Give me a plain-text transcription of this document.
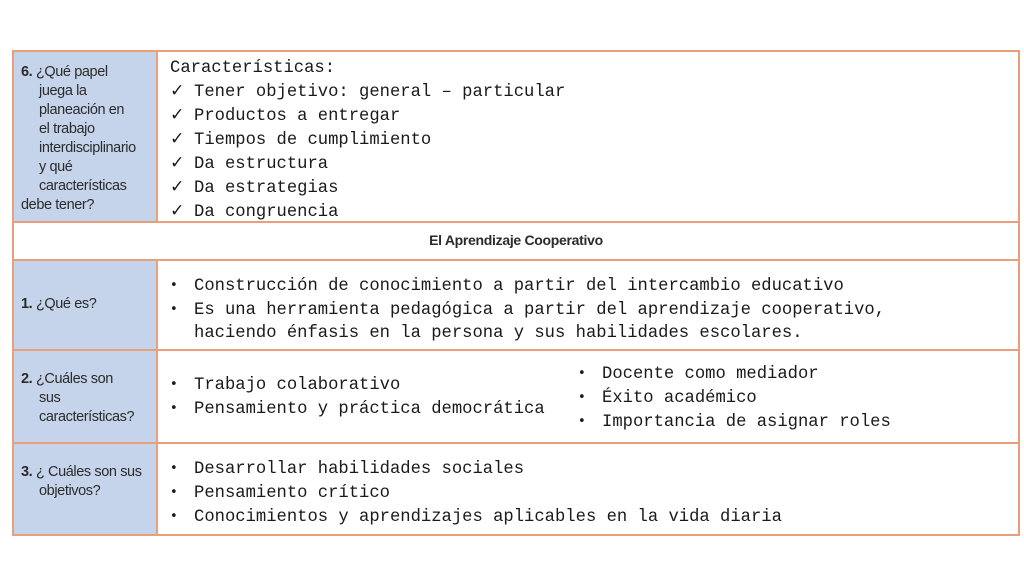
6. ¿Qué papel
juega la
planeación en
el trabajo
interdisciplinario
y qué
características
debe tener?
Características:
✓ Tener objetivo: general – particular
✓ Productos a entregar
✓ Tiempos de cumplimiento
✓ Da estructura
✓ Da estrategias
✓ Da congruencia
El Aprendizaje Cooperativo
1. ¿Qué es?
• Construcción de conocimiento a partir del intercambio educativo
• Es una herramienta pedagógica a partir del aprendizaje cooperativo,
haciendo énfasis en la persona y sus habilidades escolares.
2. ¿Cuáles son
sus
características?
• Trabajo colaborativo
• Pensamiento y práctica democrática
• Docente como mediador
• Éxito académico
• Importancia de asignar roles
3. ¿ Cuáles son sus
objetivos?
• Desarrollar habilidades sociales
• Pensamiento crítico
• Conocimientos y aprendizajes aplicables en la vida diaria
